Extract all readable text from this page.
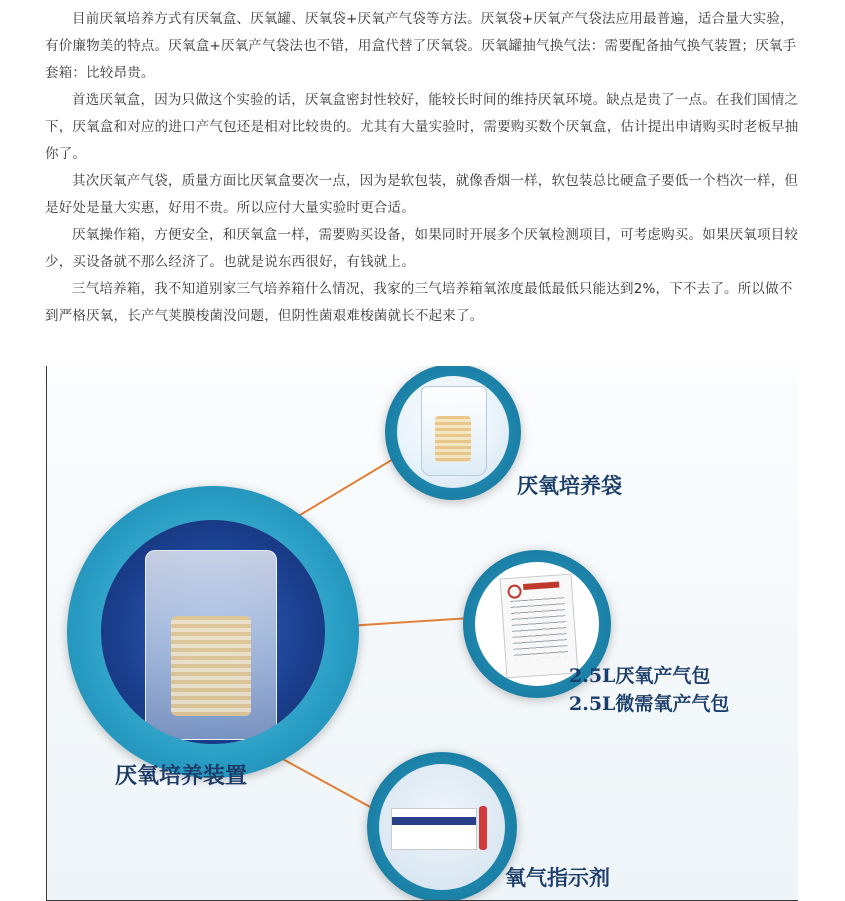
目前厌氧培养方式有厌氧盒、厌氧罐、厌氧袋+厌氧产气袋等方法。厌氧袋+厌氧产气袋法应用最普遍，适合量大实验，有价廉物美的特点。厌氧盒+厌氧产气袋法也不错，用盒代替了厌氧袋。厌氧罐抽气换气法：需要配备抽气换气装置；厌氧手套箱：比较昂贵。

首选厌氧盒，因为只做这个实验的话，厌氧盒密封性较好，能较长时间的维持厌氧环境。缺点是贵了一点。在我们国情之下，厌氧盒和对应的进口产气包还是相对比较贵的。尤其有大量实验时，需要购买数个厌氧盒，估计提出申请购买时老板早抽你了。

其次厌氧产气袋，质量方面比厌氧盒要次一点，因为是软包装，就像香烟一样，软包装总比硬盒子要低一个档次一样，但是好处是量大实惠，好用不贵。所以应付大量实验时更合适。

厌氧操作箱，方便安全，和厌氧盒一样，需要购买设备，如果同时开展多个厌氧检测项目，可考虑购买。如果厌氧项目较少，买设备就不那么经济了。也就是说东西很好，有钱就上。

三气培养箱，我不知道别家三气培养箱什么情况，我家的三气培养箱氧浓度最低最低只能达到2%，下不去了。所以做不到严格厌氧，长产气荚膜梭菌没问题，但阴性菌艰难梭菌就长不起来了。

厌氧培养袋
2.5L厌氧产气包
2.5L微需氧产气包
厌氧培养装置
氧气指示剂
